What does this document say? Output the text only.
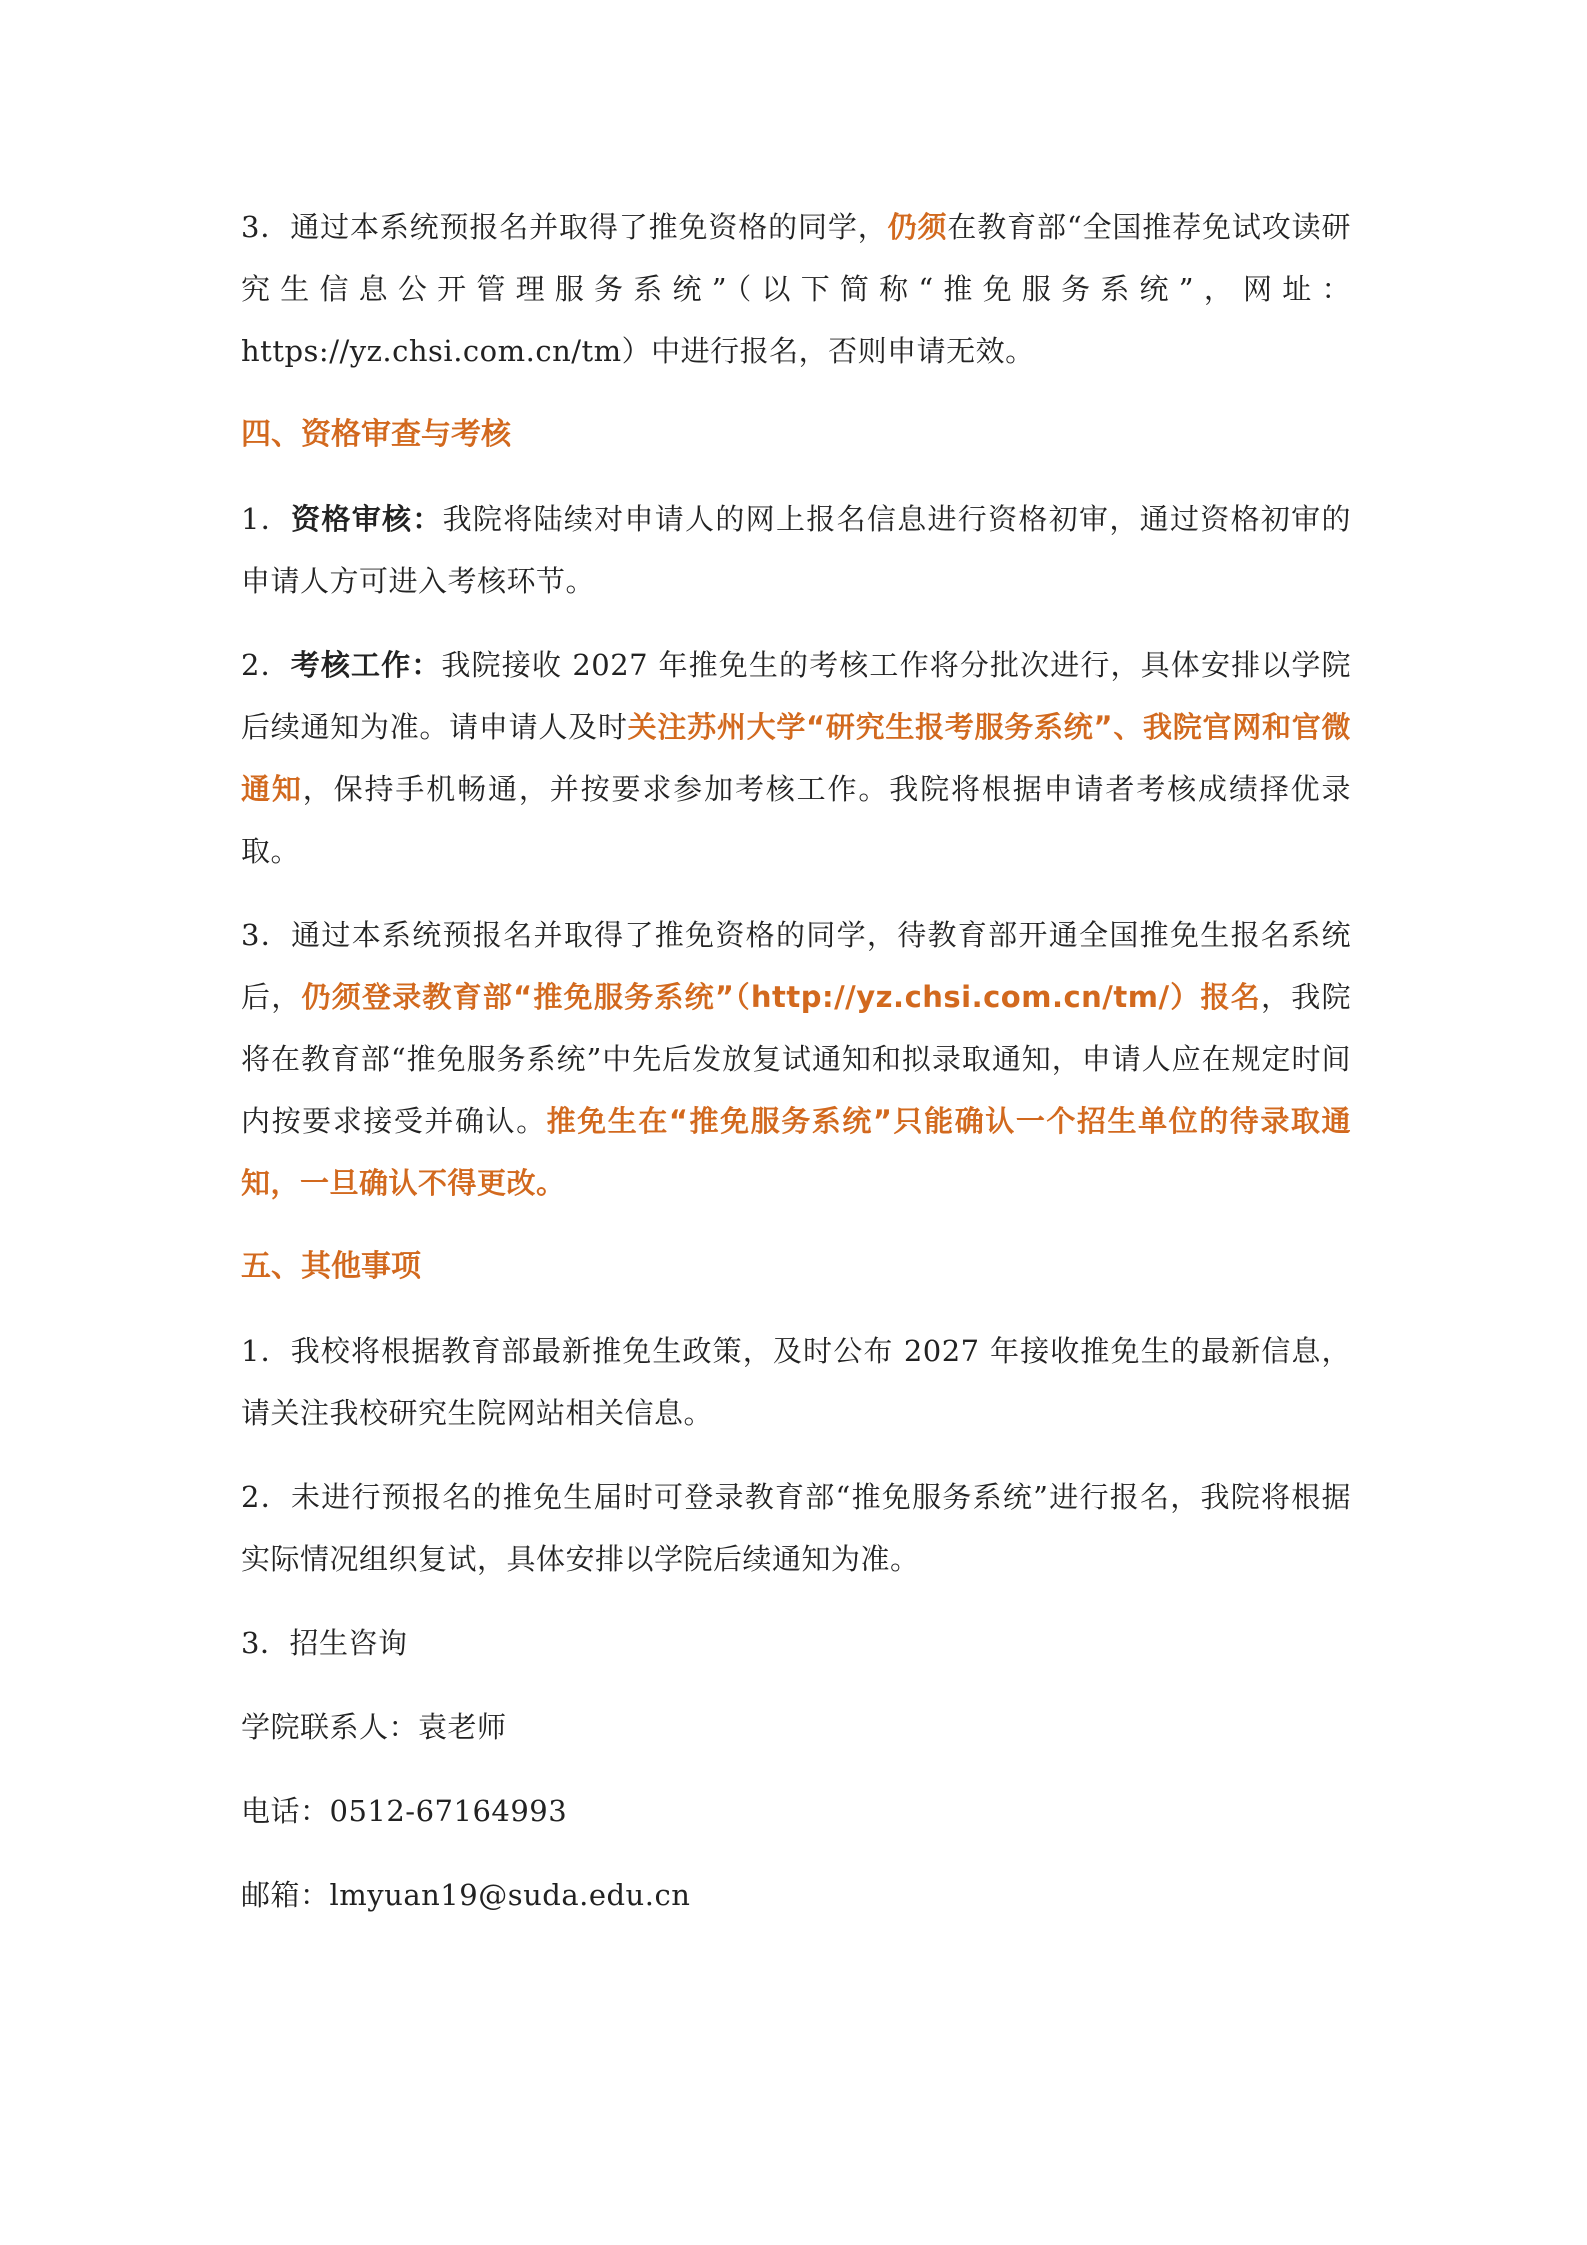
3．通过本系统预报名并取得了推免资格的同学，仍须在教育部“全国推荐免试攻读研究生信息公开管理服务系统”（以下简称“推免服务系统”，网址：https://yz.chsi.com.cn/tm）中进行报名，否则申请无效。

四、资格审查与考核

1．资格审核：我院将陆续对申请人的网上报名信息进行资格初审，通过资格初审的申请人方可进入考核环节。

2．考核工作：我院接收 2027 年推免生的考核工作将分批次进行，具体安排以学院后续通知为准。请申请人及时关注苏州大学“研究生报考服务系统”、我院官网和官微通知，保持手机畅通，并按要求参加考核工作。我院将根据申请者考核成绩择优录取。

3．通过本系统预报名并取得了推免资格的同学，待教育部开通全国推免生报名系统后，仍须登录教育部“推免服务系统”（http://yz.chsi.com.cn/tm/）报名，我院将在教育部“推免服务系统”中先后发放复试通知和拟录取通知，申请人应在规定时间内按要求接受并确认。推免生在“推免服务系统”只能确认一个招生单位的待录取通知，一旦确认不得更改。

五、其他事项

1．我校将根据教育部最新推免生政策，及时公布 2027 年接收推免生的最新信息，请关注我校研究生院网站相关信息。

2．未进行预报名的推免生届时可登录教育部“推免服务系统”进行报名，我院将根据实际情况组织复试，具体安排以学院后续通知为准。

3．招生咨询

学院联系人：袁老师

电话：0512-67164993

邮箱：lmyuan19@suda.edu.cn
